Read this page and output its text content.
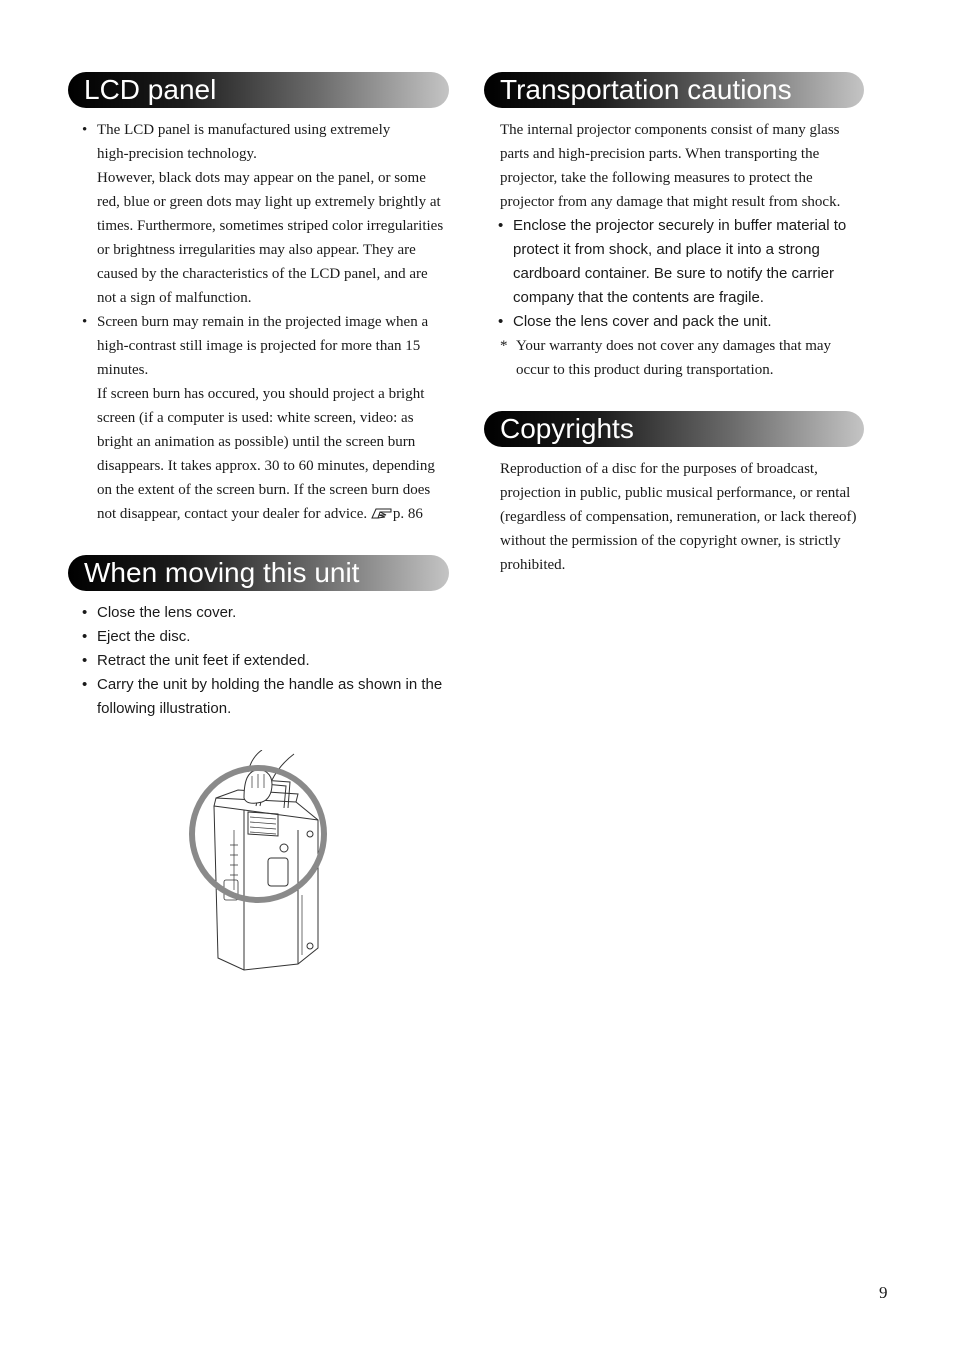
LCD panel
• The LCD panel is manufactured using extremely

high-precision technology.

However, black dots may appear on the panel, or some red, blue or green dots may light up extremely brightly at times. Furthermore, sometimes striped color irregularities or brightness irregularities may also appear. They are caused by the characteristics of the LCD panel, and are not a sign of malfunction.

• Screen burn may remain in the projected image when a high-contrast still image is projected for more than 15 minutes.

If screen burn has occured, you should project a bright screen (if a computer is used: white screen, video: as bright an animation as possible) until the screen burn disappears. It takes approx. 30 to 60 minutes, depending on the extent of the screen burn. If the screen burn does not disappear, contact your dealer for advice. p. 86

When moving this unit
• Close the lens cover.

• Eject the disc.

• Retract the unit feet if extended.

• Carry the unit by holding the handle as shown in the following illustration.

Transportation cautions

The internal projector components consist of many glass parts and high-precision parts. When transporting the projector, take the following measures to protect the projector from any damage that might result from shock.

• Enclose the projector securely in buffer material to protect it from shock, and place it into a strong cardboard container. Be sure to notify the carrier company that the contents are fragile.

• Close the lens cover and pack the unit.

* Your warranty does not cover any damages that may occur to this product during transportation.

Copyrights

Reproduction of a disc for the purposes of broadcast, projection in public, public musical performance, or rental (regardless of compensation, remuneration, or lack thereof) without the permission of the copyright owner, is strictly prohibited.

9
